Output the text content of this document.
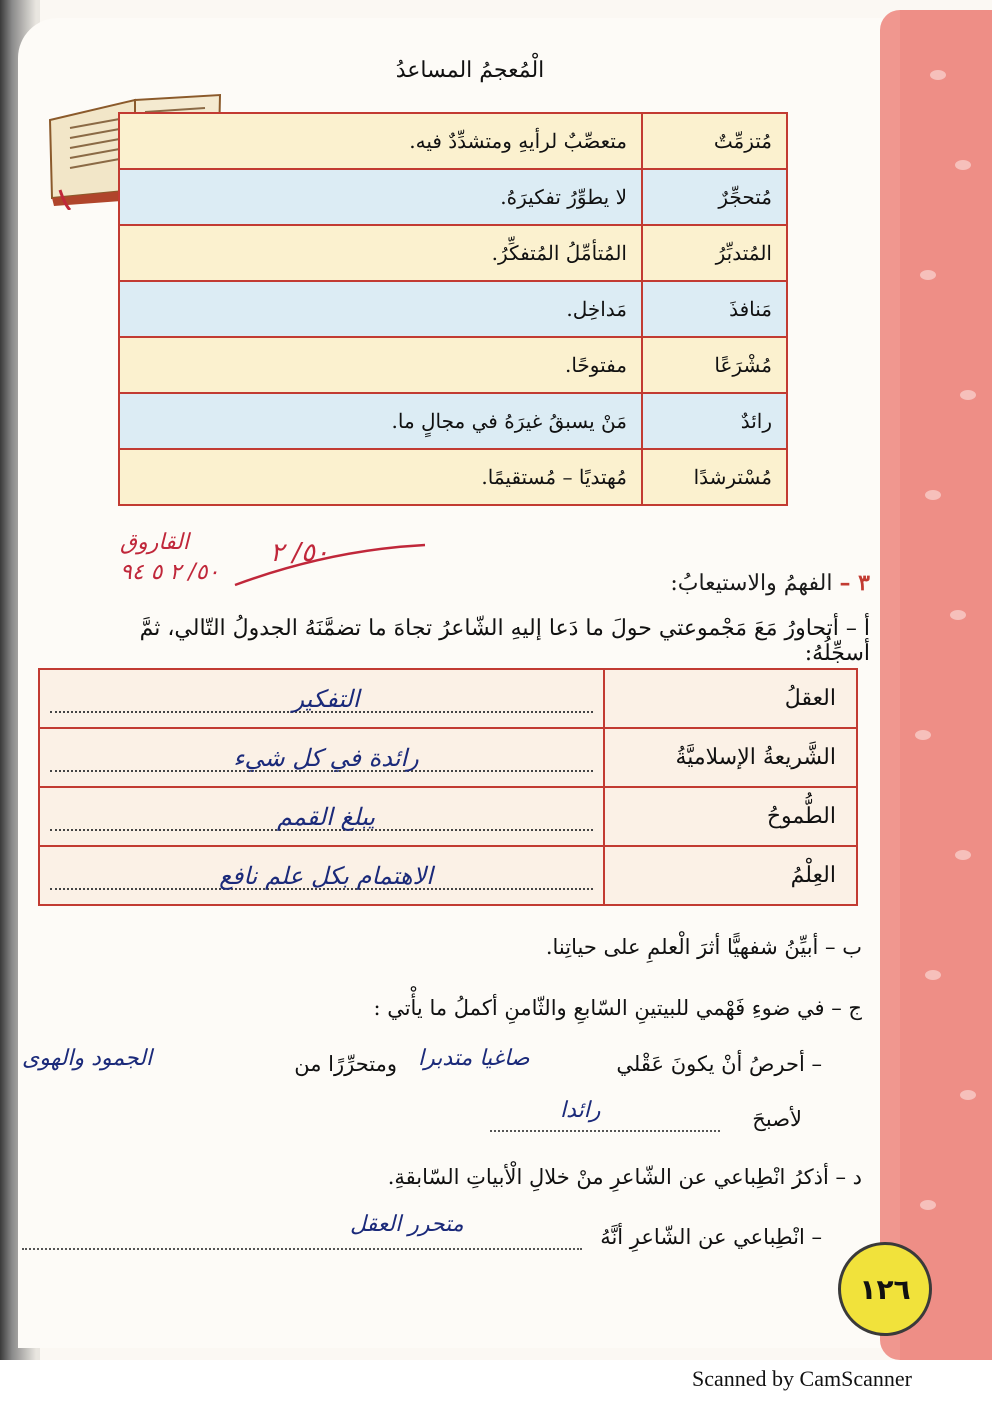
الْمُعجمُ المساعدُ
مُتزمِّتٌ	متعصِّبٌ لرأيهِ ومتشدِّدٌ فيه.
مُتحجِّرٌ	لا يطوِّرُ تفكيرَهُ.
المُتدبِّرُ	المُتأمِّلُ المُتفكِّرُ.
مَنافذَ	مَداخِل.
مُشْرَعًا	مفتوحًا.
رائدٌ	مَنْ يسبقُ غيرَهُ في مجالٍ ما.
مُسْترشدًا	مُهتديًا – مُستقيمًا.
القاروق
٥٠/ ٢ ٥ ٩٤
٥٠/ ٢
٣ – الفهمُ والاستيعابُ:
أ – أتحاورُ مَعَ مَجْموعتي حولَ ما دَعا إليهِ الشّاعرُ تجاهَ ما تضمَّنَهُ الجدولُ التّالي، ثمَّ أسجِّلُهُ:
العقلُ	التفكير

الشَّريعةُ الإسلاميَّةُ	رائدة في كل شيء

الطُّموحُ	يبلغ القمم

العِلْمُ	الاهتمام بكل علم نافع
ب – أبيِّنُ شفهيًّا أثرَ الْعلمِ على حياتِنا.
ج – في ضوءِ فَهْمي للبيتينِ السّابعِ والثّامنِ أكملُ ما يأْتي :
– أحرصُ أنْ يكونَ عَقْلي
صاغيا متدبرا
ومتحرِّرًا من
الجمود والهوى
لأصبحَ
رائدا
د – أذكرُ انْطِباعي عن الشّاعرِ منْ خلالِ الْأبياتِ السّابقةِ.
– انْطِباعي عن الشّاعرِ أنَّهُ
متحرر العقل
١٢٦
Scanned by CamScanner
